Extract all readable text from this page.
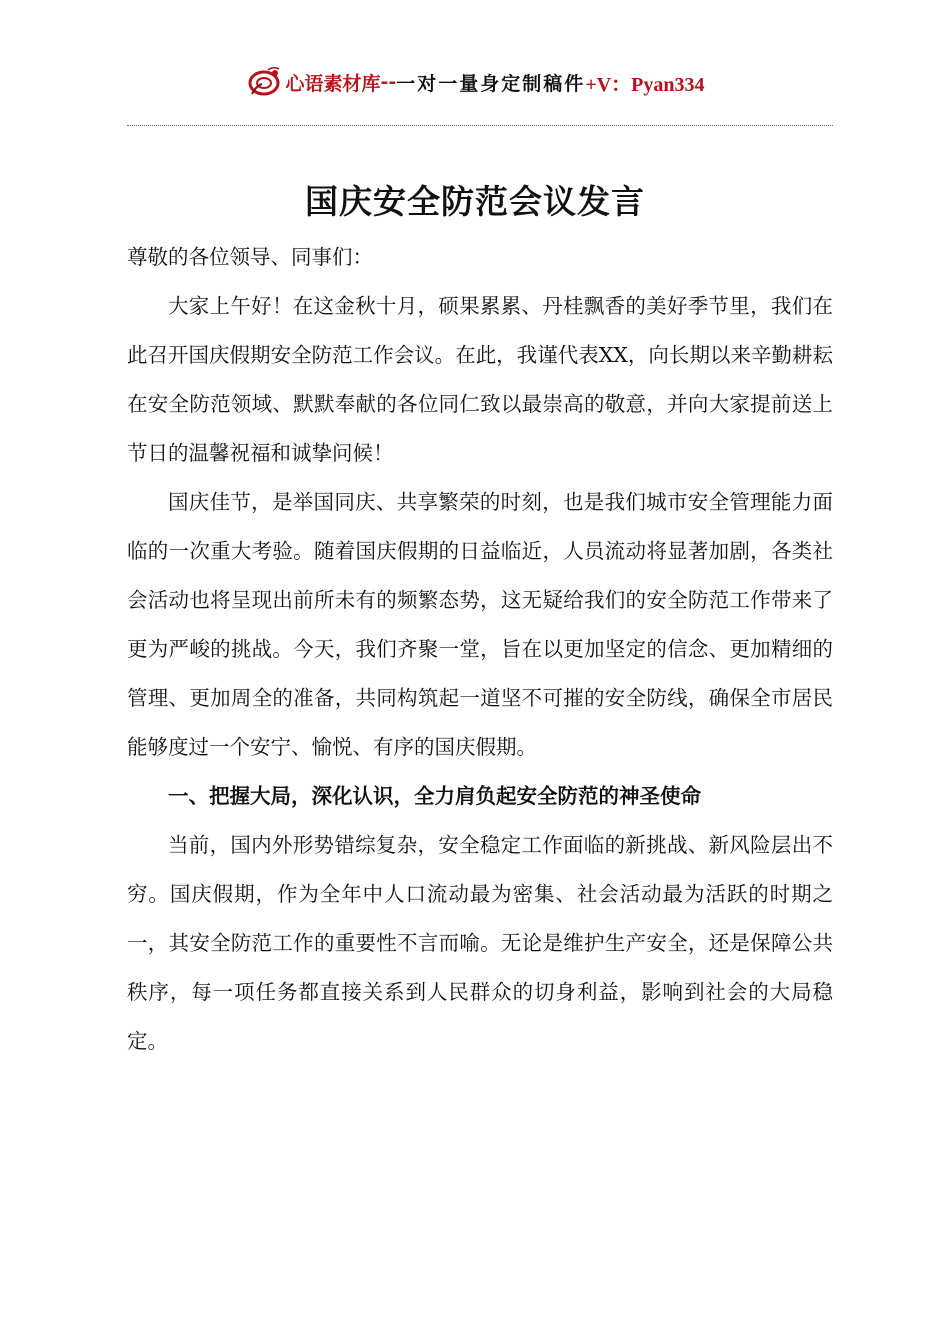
心语素材库 -- 一对一量身定制稿件 +V：Pyan334
国庆安全防范会议发言

尊敬的各位领导、同事们：

大家上午好！在这金秋十月，硕果累累、丹桂飘香的美好季节里，我们在此召开国庆假期安全防范工作会议。在此，我谨代表XX，向长期以来辛勤耕耘在安全防范领域、默默奉献的各位同仁致以最崇高的敬意，并向大家提前送上节日的温馨祝福和诚挚问候！

国庆佳节，是举国同庆、共享繁荣的时刻，也是我们城市安全管理能力面临的一次重大考验。随着国庆假期的日益临近，人员流动将显著加剧，各类社会活动也将呈现出前所未有的频繁态势，这无疑给我们的安全防范工作带来了更为严峻的挑战。今天，我们齐聚一堂，旨在以更加坚定的信念、更加精细的管理、更加周全的准备，共同构筑起一道坚不可摧的安全防线，确保全市居民能够度过一个安宁、愉悦、有序的国庆假期。

一、把握大局，深化认识，全力肩负起安全防范的神圣使命

当前，国内外形势错综复杂，安全稳定工作面临的新挑战、新风险层出不穷。国庆假期，作为全年中人口流动最为密集、社会活动最为活跃的时期之一，其安全防范工作的重要性不言而喻。无论是维护生产安全，还是保障公共秩序，每一项任务都直接关系到人民群众的切身利益，影响到社会的大局稳定。
